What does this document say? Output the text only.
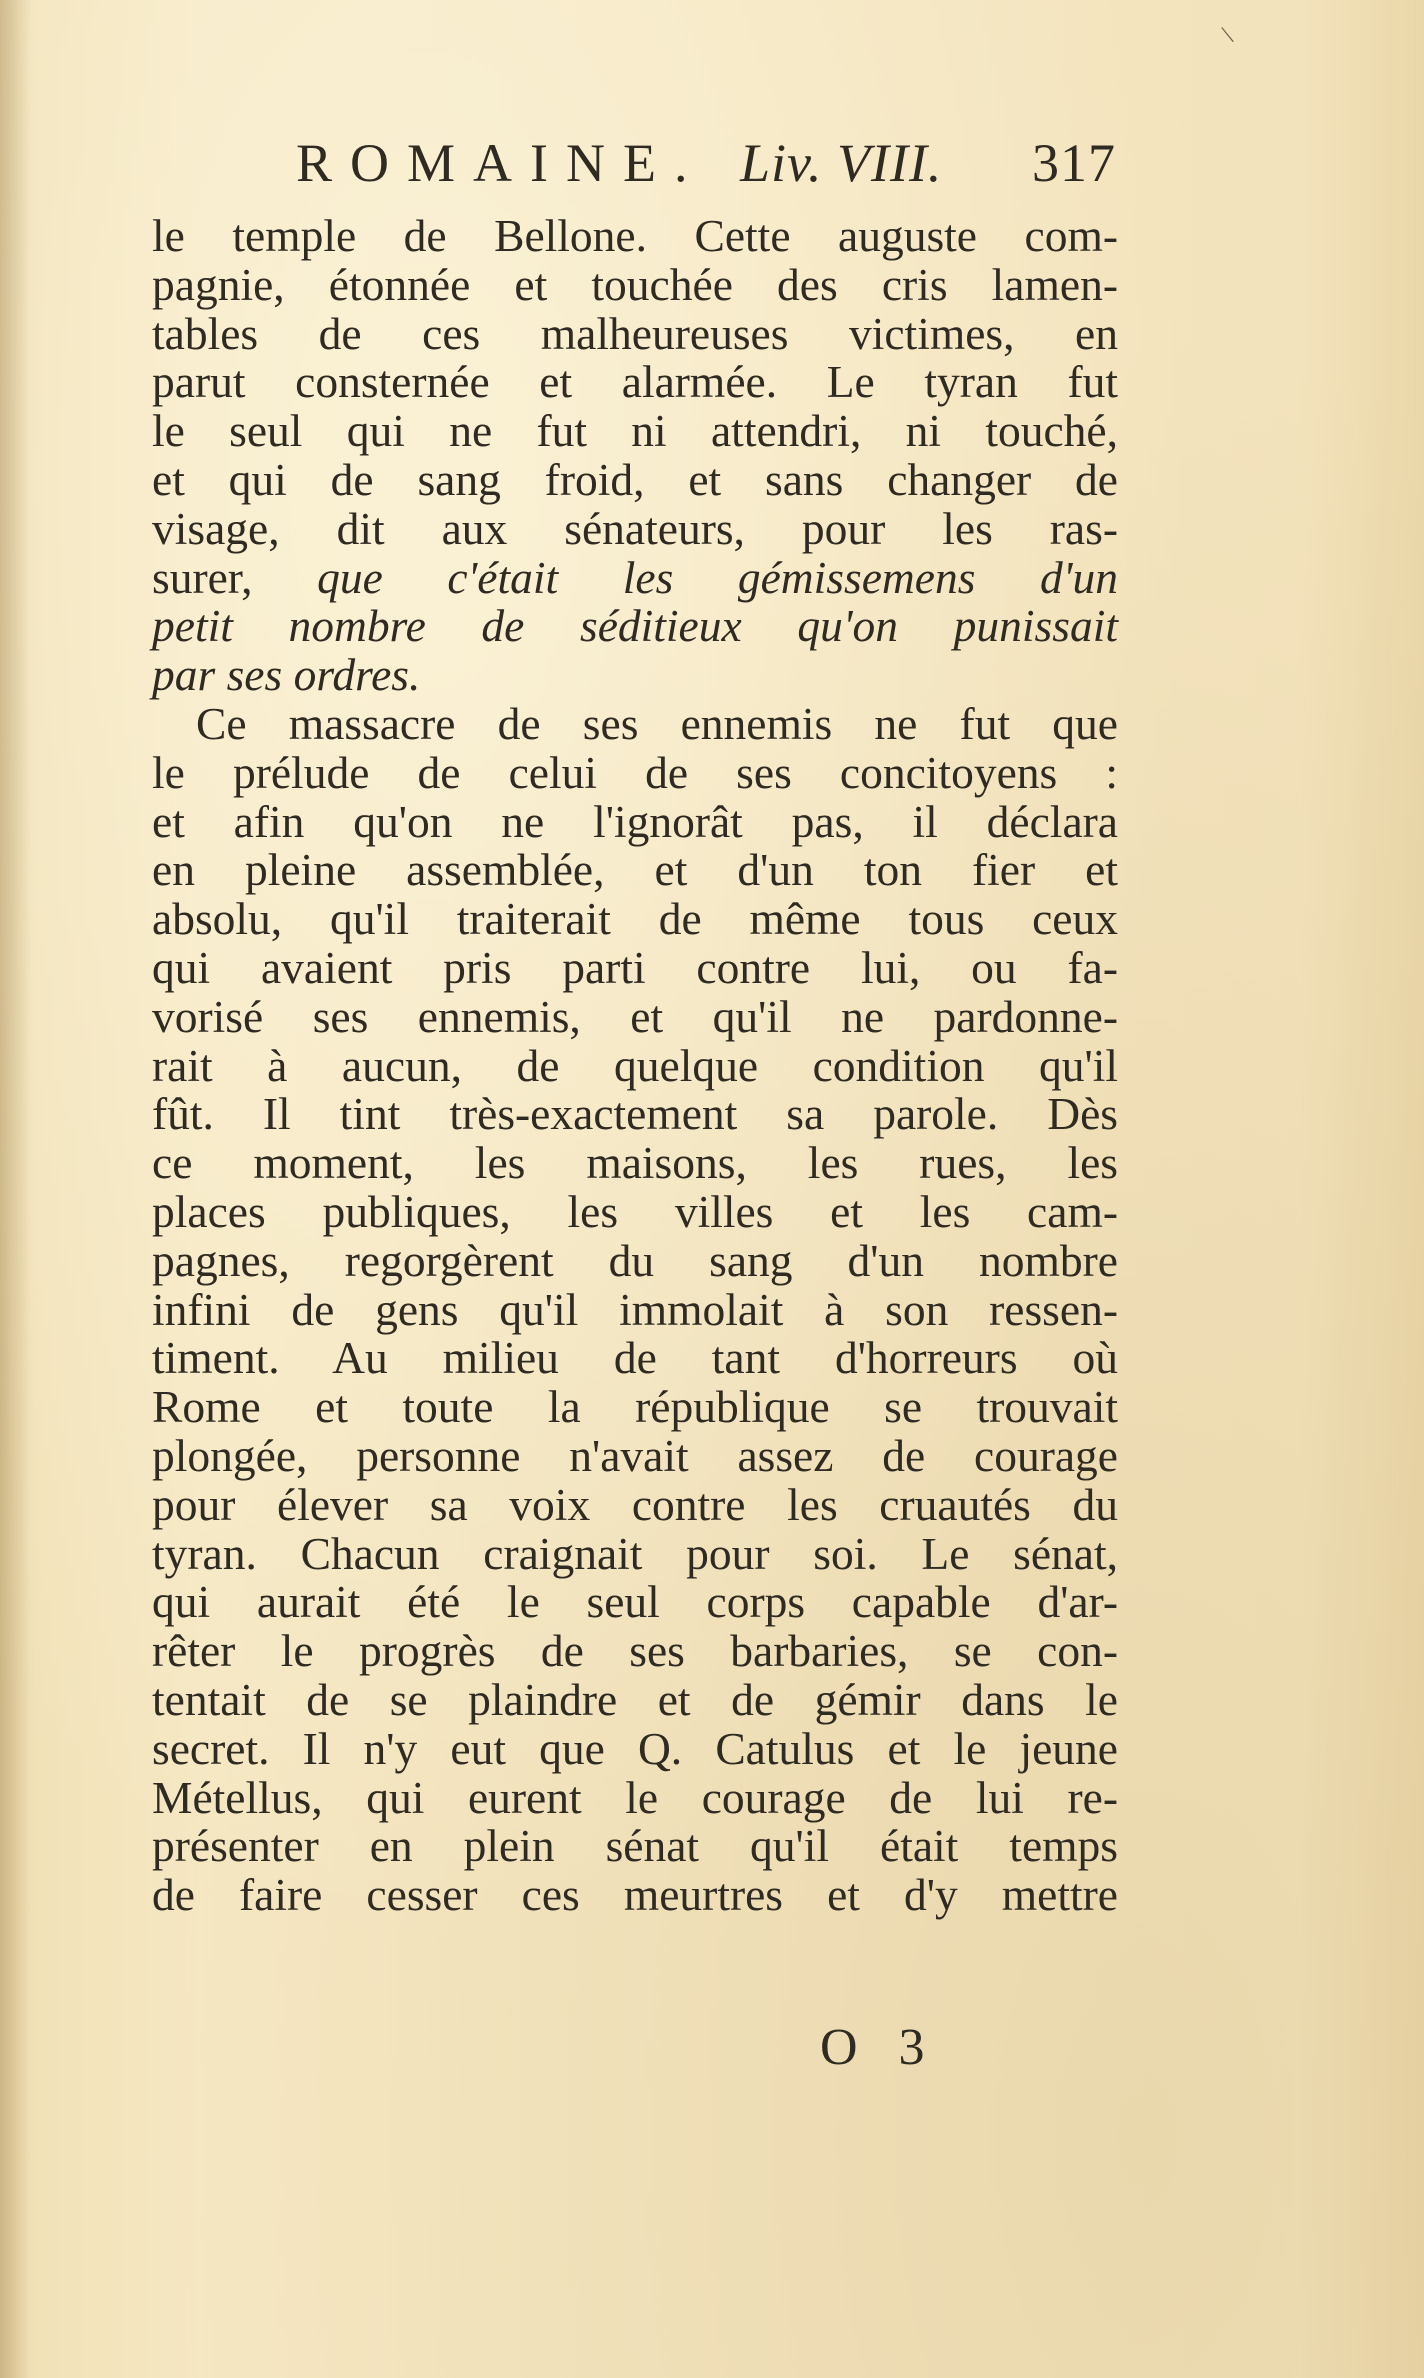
\
ROMAINE. Liv. VIII. 317
le temple de Bellone. Cette auguste com-
pagnie, étonnée et touchée des cris lamen-
tables de ces malheureuses victimes, en
parut consternée et alarmée. Le tyran fut
le seul qui ne fut ni attendri, ni touché,
et qui de sang froid, et sans changer de
visage, dit aux sénateurs, pour les ras-
surer, que c'était les gémissemens d'un
petit nombre de séditieux qu'on punissait
par ses ordres.
Ce massacre de ses ennemis ne fut que
le prélude de celui de ses concitoyens :
et afin qu'on ne l'ignorât pas, il déclara
en pleine assemblée, et d'un ton fier et
absolu, qu'il traiterait de même tous ceux
qui avaient pris parti contre lui, ou fa-
vorisé ses ennemis, et qu'il ne pardonne-
rait à aucun, de quelque condition qu'il
fût. Il tint très-exactement sa parole. Dès
ce moment, les maisons, les rues, les
places publiques, les villes et les cam-
pagnes, regorgèrent du sang d'un nombre
infini de gens qu'il immolait à son ressen-
timent. Au milieu de tant d'horreurs où
Rome et toute la république se trouvait
plongée, personne n'avait assez de courage
pour élever sa voix contre les cruautés du
tyran. Chacun craignait pour soi. Le sénat,
qui aurait été le seul corps capable d'ar-
rêter le progrès de ses barbaries, se con-
tentait de se plaindre et de gémir dans le
secret. Il n'y eut que Q. Catulus et le jeune
Métellus, qui eurent le courage de lui re-
présenter en plein sénat qu'il était temps
de faire cesser ces meurtres et d'y mettre
O 3
